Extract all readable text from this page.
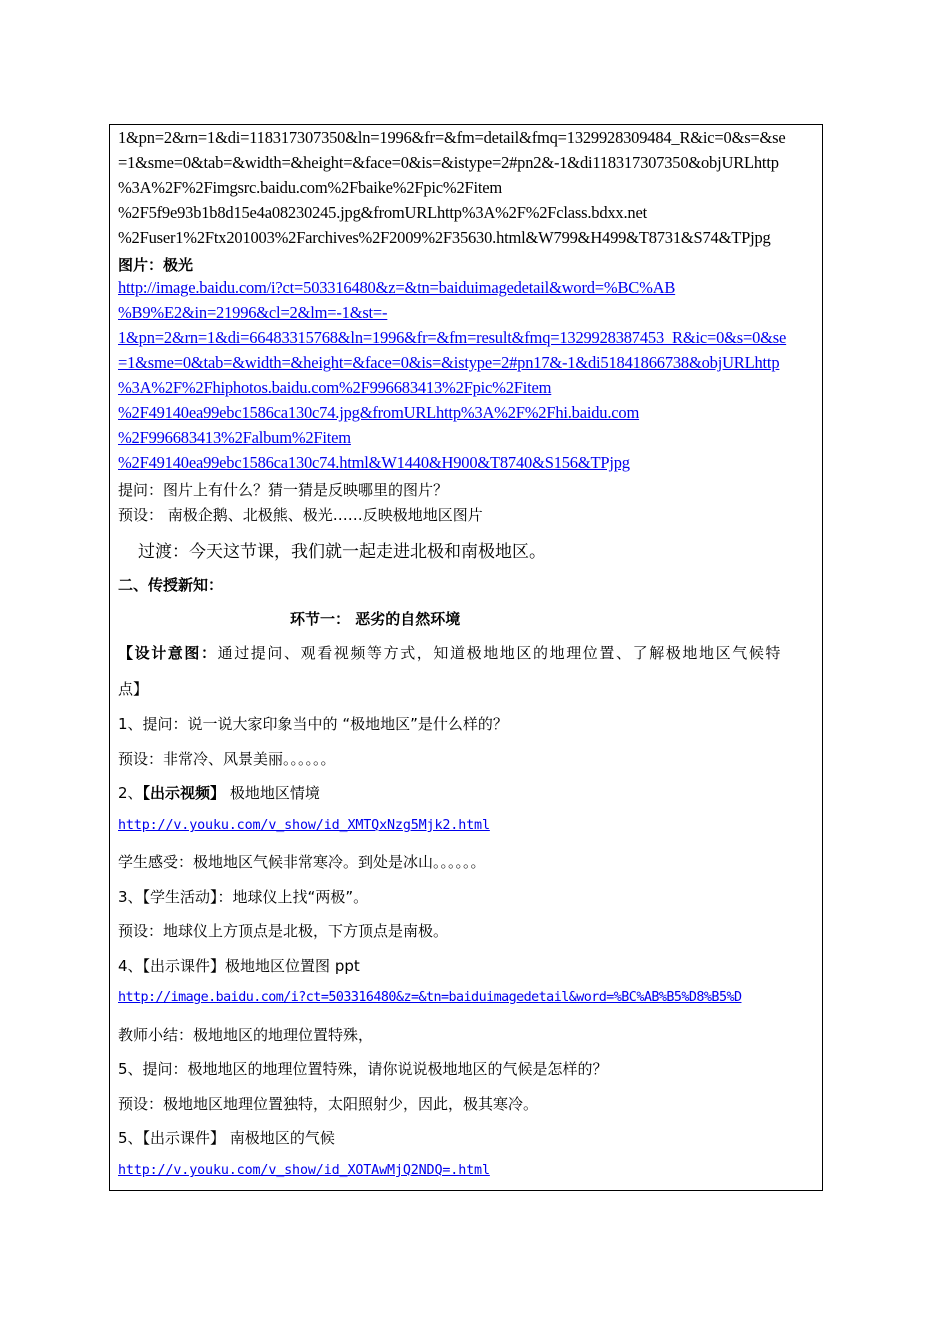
1&pn=2&rn=1&di=118317307350&ln=1996&fr=&fm=detail&fmq=1329928309484_R&ic=0&s=&se
=1&sme=0&tab=&width=&height=&face=0&is=&istype=2#pn2&-1&di118317307350&objURLhttp
%3A%2F%2Fimgsrc.baidu.com%2Fbaike%2Fpic%2Fitem
%2F5f9e93b1b8d15e4a08230245.jpg&fromURLhttp%3A%2F%2Fclass.bdxx.net
%2Fuser1%2Ftx201003%2Farchives%2F2009%2F35630.html&W799&H499&T8731&S74&TPjpg
图片：极光
http://image.baidu.com/i?ct=503316480&z=&tn=baiduimagedetail&word=%BC%AB
%B9%E2&in=21996&cl=2&lm=-1&st=-
1&pn=2&rn=1&di=66483315768&ln=1996&fr=&fm=result&fmq=1329928387453_R&ic=0&s=0&se
=1&sme=0&tab=&width=&height=&face=0&is=&istype=2#pn17&-1&di51841866738&objURLhttp
%3A%2F%2Fhiphotos.baidu.com%2F996683413%2Fpic%2Fitem
%2F49140ea99ebc1586ca130c74.jpg&fromURLhttp%3A%2F%2Fhi.baidu.com
%2F996683413%2Falbum%2Fitem
%2F49140ea99ebc1586ca130c74.html&W1440&H900&T8740&S156&TPjpg
提问：图片上有什么？猜一猜是反映哪里的图片？
预设： 南极企鹅、北极熊、极光……反映极地地区图片
过渡：今天这节课，我们就一起走进北极和南极地区。
二、传授新知：
环节一： 恶劣的自然环境
【设计意图：通过提问、观看视频等方式，知道极地地区的地理位置、了解极地地区气候特
点】
1、提问：说一说大家印象当中的 “极地地区”是什么样的？
预设：非常冷、风景美丽。。。。。。
2、【出示视频】 极地地区情境
http://v.youku.com/v_show/id_XMTQxNzg5Mjk2.html
学生感受：极地地区气候非常寒冷。到处是冰山。。。。。。
3、【学生活动】：地球仪上找“两极”。
预设：地球仪上方顶点是北极，下方顶点是南极。
4、【出示课件】极地地区位置图 ppt
http://image.baidu.com/i?ct=503316480&z=&tn=baiduimagedetail&word=%BC%AB%B5%D8%B5%D
教师小结：极地地区的地理位置特殊，
5、提问：极地地区的地理位置特殊，请你说说极地地区的气候是怎样的？
预设：极地地区地理位置独特，太阳照射少，因此，极其寒冷。
5、【出示课件】 南极地区的气候
http://v.youku.com/v_show/id_XOTAwMjQ2NDQ=.html
